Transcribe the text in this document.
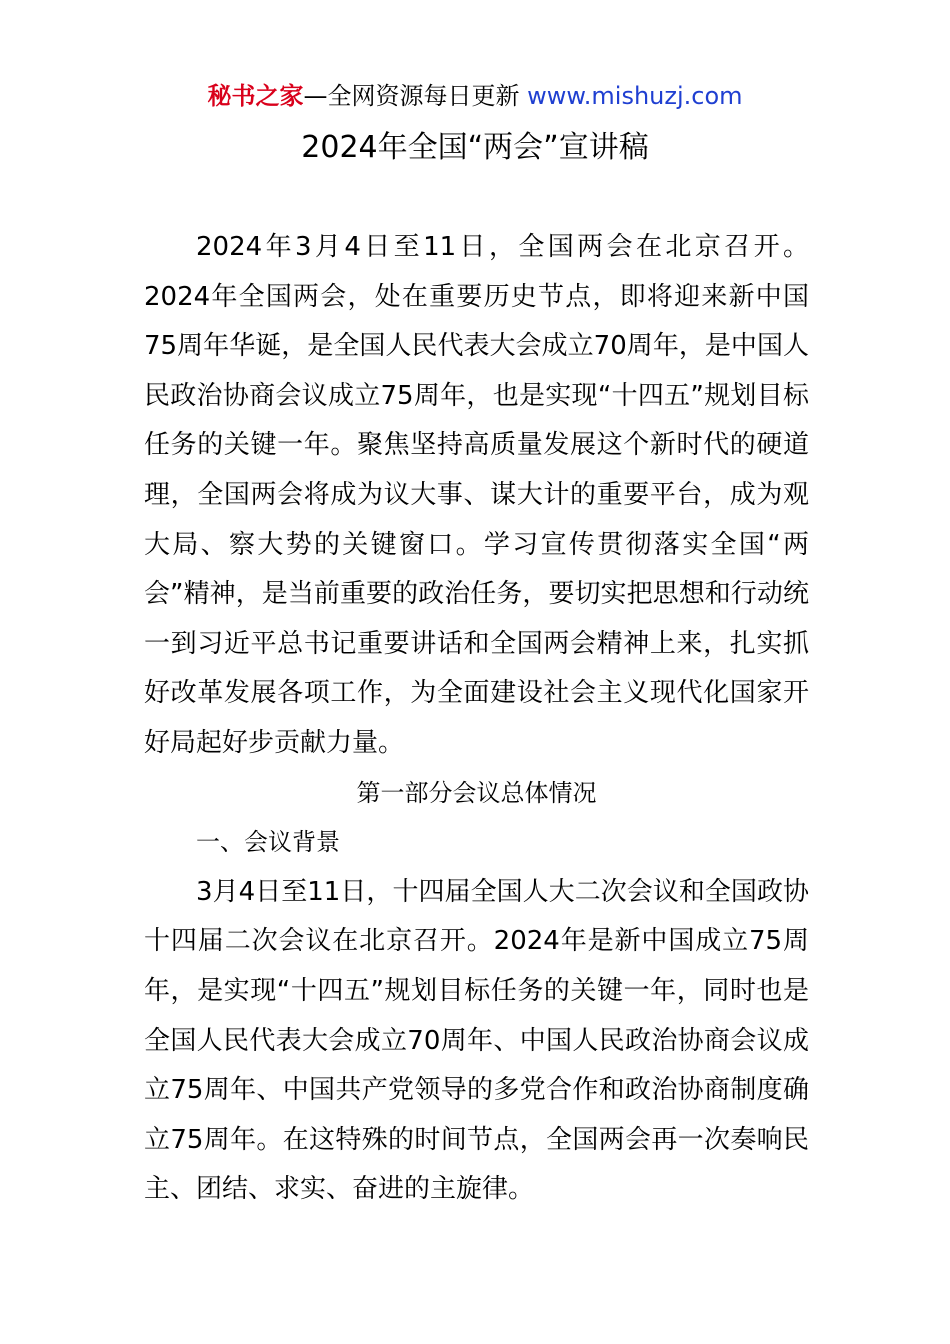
秘书之家—全网资源每日更新 www.mishuzj.com
2024年全国“两会”宣讲稿

2024年3月4日至11日，全国两会在北京召开。2024年全国两会，处在重要历史节点，即将迎来新中国75周年华诞，是全国人民代表大会成立70周年，是中国人民政治协商会议成立75周年，也是实现“十四五”规划目标任务的关键一年。聚焦坚持高质量发展这个新时代的硬道理，全国两会将成为议大事、谋大计的重要平台，成为观大局、察大势的关键窗口。学习宣传贯彻落实全国“两会”精神，是当前重要的政治任务，要切实把思想和行动统一到习近平总书记重要讲话和全国两会精神上来，扎实抓好改革发展各项工作，为全面建设社会主义现代化国家开好局起好步贡献力量。

第一部分会议总体情况

一、会议背景

3月4日至11日，十四届全国人大二次会议和全国政协十四届二次会议在北京召开。2024年是新中国成立75周年，是实现“十四五”规划目标任务的关键一年，同时也是全国人民代表大会成立70周年、中国人民政治协商会议成立75周年、中国共产党领导的多党合作和政治协商制度确立75周年。在这特殊的时间节点，全国两会再一次奏响民主、团结、求实、奋进的主旋律。
